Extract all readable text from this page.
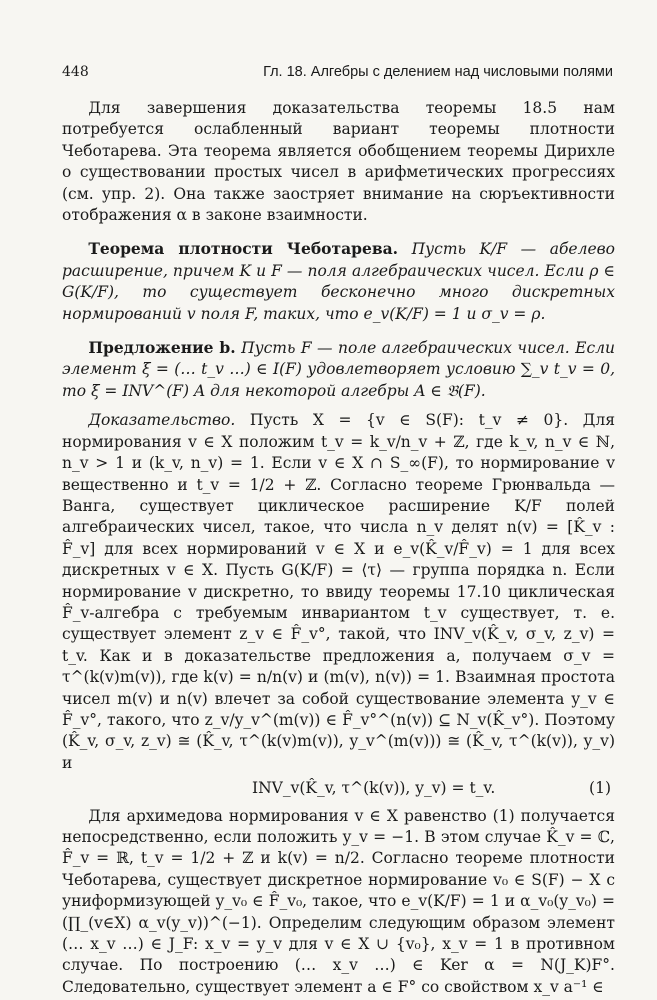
448	Гл. 18. Алгебры с делением над числовыми полями

Для завершения доказательства теоремы 18.5 нам потребуется ослабленный вариант теоремы плотности Чеботарева. Эта теорема является обобщением теоремы Дирихле о существовании простых чисел в арифметических прогрессиях (см. упр. 2). Она также заостряет внимание на сюръективности отображения α в законе взаимности.

Теорема плотности Чеботарева. Пусть K/F — абелево расширение, причем K и F — поля алгебраических чисел. Если ρ ∈ G(K/F), то существует бесконечно много дискретных нормирований v поля F, таких, что e_v(K/F) = 1 и σ_v = ρ.

Предложение b. Пусть F — поле алгебраических чисел. Если элемент ξ = (… t_v …) ∈ I(F) удовлетворяет условию ∑_v t_v = 0, то ξ = INV^(F) A для некоторой алгебры A ∈ 𝔅(F).

Доказательство. Пусть X = {v ∈ S(F): t_v ≠ 0}. Для нормирования v ∈ X положим t_v = k_v/n_v + ℤ, где k_v, n_v ∈ ℕ, n_v > 1 и (k_v, n_v) = 1. Если v ∈ X ∩ S_∞(F), то нормирование v вещественно и t_v = 1/2 + ℤ. Согласно теореме Грюнвальда — Ванга, существует циклическое расширение K/F полей алгебраических чисел, такое, что числа n_v делят n(v) = [K̂_v : F̂_v] для всех нормирований v ∈ X и e_v(K̂_v/F̂_v) = 1 для всех дискретных v ∈ X. Пусть G(K/F) = ⟨τ⟩ — группа порядка n. Если нормирование v дискретно, то ввиду теоремы 17.10 циклическая F̂_v-алгебра с требуемым инвариантом t_v существует, т. е. существует элемент z_v ∈ F̂_v°, такой, что INV_v(K̂_v, σ_v, z_v) = t_v. Как и в доказательстве предложения a, получаем σ_v = τ^(k(v)m(v)), где k(v) = n/n(v) и (m(v), n(v)) = 1. Взаимная простота чисел m(v) и n(v) влечет за собой существование элемента y_v ∈ F̂_v°, такого, что z_v/y_v^(m(v)) ∈ F̂_v°^(n(v)) ⊆ N_v(K̂_v°). Поэтому (K̂_v, σ_v, z_v) ≅ (K̂_v, τ^(k(v)m(v)), y_v^(m(v))) ≅ (K̂_v, τ^(k(v)), y_v) и

INV_v(K̂_v, τ^(k(v)), y_v) = t_v.	(1)

Для архимедова нормирования v ∈ X равенство (1) получается непосредственно, если положить y_v = −1. В этом случае K̂_v = ℂ, F̂_v = ℝ, t_v = 1/2 + ℤ и k(v) = n/2. Согласно теореме плотности Чеботарева, существует дискретное нормирование v₀ ∈ S(F) − X с униформизующей y_v₀ ∈ F̂_v₀, такое, что e_v(K/F) = 1 и α_v₀(y_v₀) = (∏_(v∈X) α_v(y_v))^(−1). Определим следующим образом элемент (… x_v …) ∈ J_F: x_v = y_v для v ∈ X ∪ {v₀}, x_v = 1 в противном случае. По построению (… x_v …) ∈ Ker α = N(J_K)F°. Следовательно, существует элемент a ∈ F° со свойством x_v a⁻¹ ∈
